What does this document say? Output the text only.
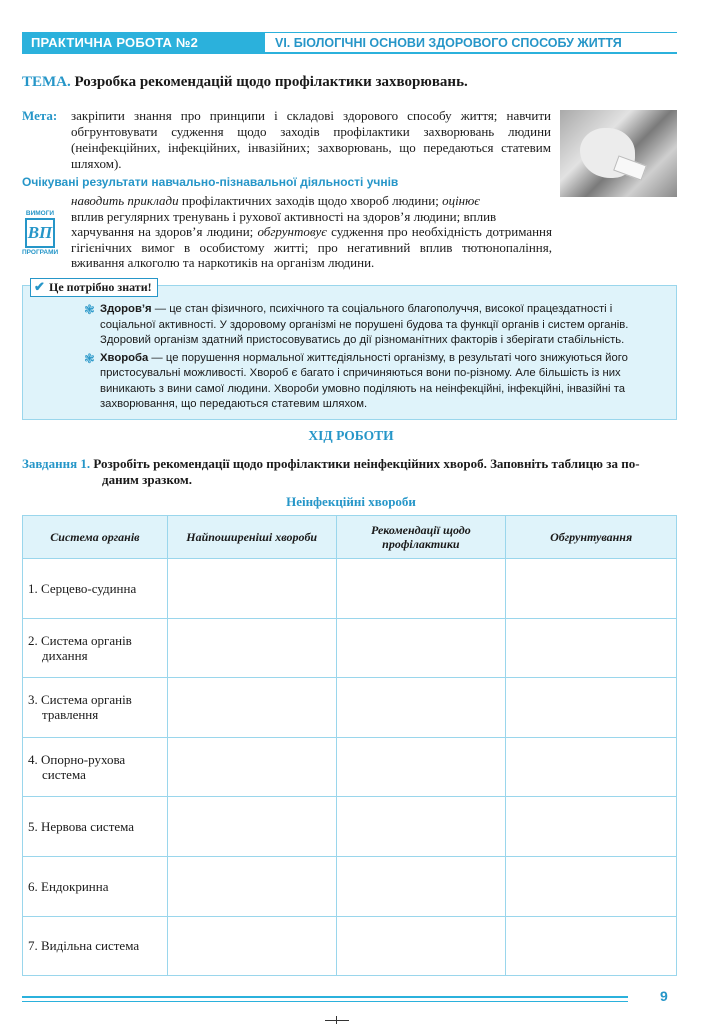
ПРАКТИЧНА РОБОТА №2	VI. БІОЛОГІЧНІ ОСНОВИ ЗДОРОВОГО СПОСОБУ ЖИТТЯ
ТЕМА. Розробка рекомендацій щодо профілактики захворювань.
Мета: закріпити знання про принципи і складові здорового способу життя; навчити обгрунтовувати судження щодо заходів профілактики захворювань людини (неінфекційних, інфекційних, інвазійних; захворювань, що передаються статевим шляхом).
Очікувані результати навчально-пізнавальної діяльності учнів
ВИМОГИ
ВП
ПРОГРАМИ
наводить приклади профілактичних заходів щодо хвороб людини; оцінює
вплив регулярних тренувань і рухової активності на здоров’я людини; вплив
харчування на здоров’я людини; обгрунтовує судження про необхідність дотримання гігієнічних вимог в особистому житті; про негативний вплив тютюнопаління, вживання алкоголю та наркотиків на організм людини.
✔ Це потрібно знати!
❃ Здоров’я — це стан фізичного, психічного та соціального благополуччя, високої працездатності і соціальної активності. У здоровому організмі не порушені будова та функції органів і систем органів. Здоровий організм здатний пристосовуватись до дії різноманітних факторів і зберігати стабільність.
❃ Хвороба — це порушення нормальної життєдіяльності організму, в результаті чого знижуються його пристосувальні можливості. Хвороб є багато і спричиняються вони по-різному. Але більшість із них виникають з вини самої людини. Хвороби умовно поділяють на неінфекційні, інфекційні, інвазійні та захворювання, що передаються статевим шляхом.
ХІД РОБОТИ
Завдання 1. Розробіть рекомендації щодо профілактики неінфекційних хвороб. Заповніть таблицю за по-
даним зразком.
Неінфекційні хвороби
Система органів	Найпоширеніші хвороби	Рекомендації щодо профілактики	Обгрунтування

1. Серцево-судинна			

2. Система органів дихання			

3. Система органів травлення			

4. Опорно-рухова система			

5. Нервова система			

6. Ендокринна			

7. Видільна система			

9
